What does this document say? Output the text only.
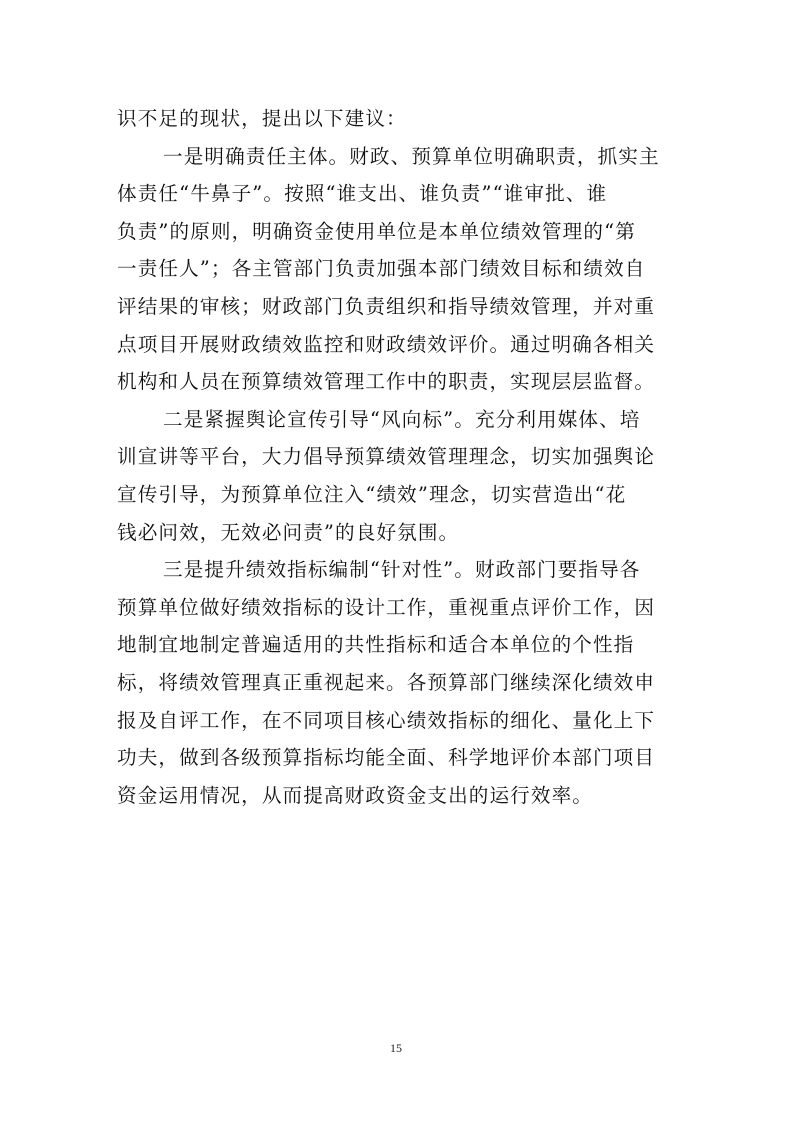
识不足的现状，提出以下建议：
一是明确责任主体。财政、预算单位明确职责，抓实主
体责任“牛鼻子”。按照“谁支出、谁负责”“谁审批、谁
负责”的原则，明确资金使用单位是本单位绩效管理的“第
一责任人”；各主管部门负责加强本部门绩效目标和绩效自
评结果的审核；财政部门负责组织和指导绩效管理，并对重
点项目开展财政绩效监控和财政绩效评价。通过明确各相关
机构和人员在预算绩效管理工作中的职责，实现层层监督。
二是紧握舆论宣传引导“风向标”。充分利用媒体、培
训宣讲等平台，大力倡导预算绩效管理理念，切实加强舆论
宣传引导，为预算单位注入“绩效”理念，切实营造出“花
钱必问效，无效必问责”的良好氛围。
三是提升绩效指标编制“针对性”。财政部门要指导各
预算单位做好绩效指标的设计工作，重视重点评价工作，因
地制宜地制定普遍适用的共性指标和适合本单位的个性指
标，将绩效管理真正重视起来。各预算部门继续深化绩效申
报及自评工作，在不同项目核心绩效指标的细化、量化上下
功夫，做到各级预算指标均能全面、科学地评价本部门项目
资金运用情况，从而提高财政资金支出的运行效率。
15
